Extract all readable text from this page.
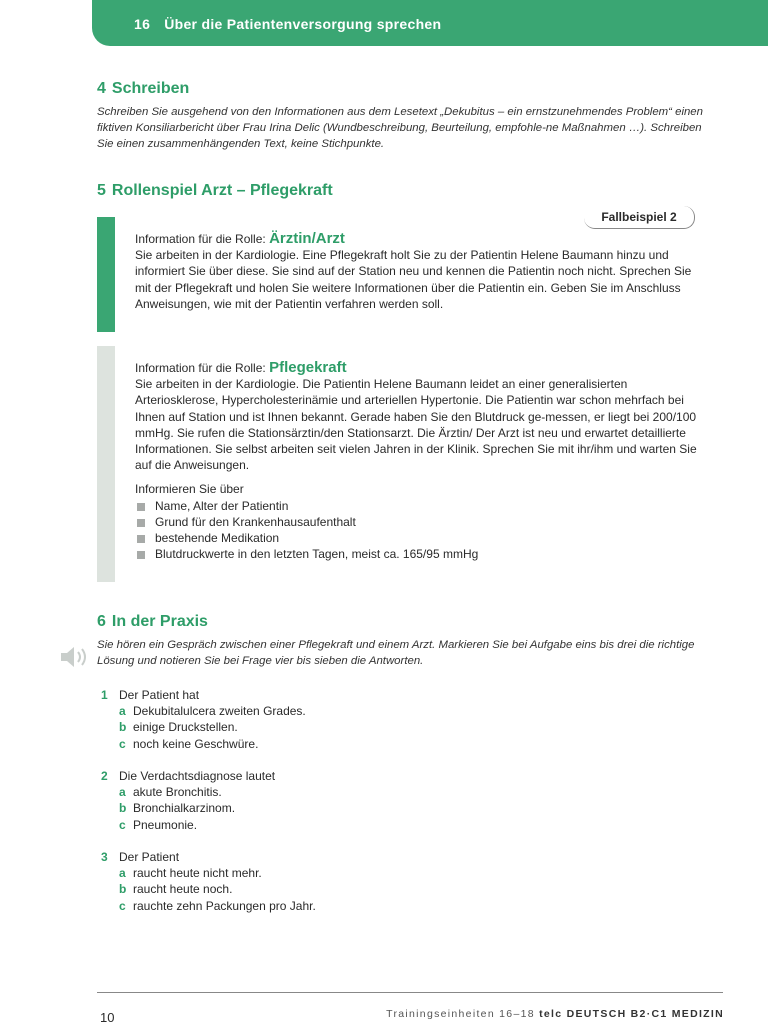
16 Über die Patientenversorgung sprechen
4 Schreiben
Schreiben Sie ausgehend von den Informationen aus dem Lesetext „Dekubitus – ein ernstzunehmendes Problem“ einen fiktiven Konsiliarbericht über Frau Irina Delic (Wundbeschreibung, Beurteilung, empfohle-ne Maßnahmen …). Schreiben Sie einen zusammenhängenden Text, keine Stichpunkte.
5 Rollenspiel Arzt – Pflegekraft
Fallbeispiel 2
Information für die Rolle: Ärztin/Arzt
Sie arbeiten in der Kardiologie. Eine Pflegekraft holt Sie zu der Patientin Helene Baumann hinzu und informiert Sie über diese. Sie sind auf der Station neu und kennen die Patientin noch nicht. Sprechen Sie mit der Pflegekraft und holen Sie weitere Informationen über die Patientin ein. Geben Sie im Anschluss Anweisungen, wie mit der Patientin verfahren werden soll.
Information für die Rolle: Pflegekraft
Sie arbeiten in der Kardiologie. Die Patientin Helene Baumann leidet an einer generalisierten Arteriosklerose, Hypercholesterinämie und arteriellen Hypertonie. Die Patientin war schon mehrfach bei Ihnen auf Station und ist Ihnen bekannt. Gerade haben Sie den Blutdruck ge-messen, er liegt bei 200/100 mmHg. Sie rufen die Stationsärztin/den Stationsarzt. Die Ärztin/ Der Arzt ist neu und erwartet detaillierte Informationen. Sie selbst arbeiten seit vielen Jahren in der Klinik. Sprechen Sie mit ihr/ihm und warten Sie auf die Anweisungen.
Informieren Sie über
Name, Alter der Patientin
Grund für den Krankenhausaufenthalt
bestehende Medikation
Blutdruckwerte in den letzten Tagen, meist ca. 165/95 mmHg
6 In der Praxis
Sie hören ein Gespräch zwischen einer Pflegekraft und einem Arzt. Markieren Sie bei Aufgabe eins bis drei die richtige Lösung und notieren Sie bei Frage vier bis sieben die Antworten.
1 Der Patient hat
a Dekubitalulcera zweiten Grades.
b einige Druckstellen.
c noch keine Geschwüre.
2 Die Verdachtsdiagnose lautet
a akute Bronchitis.
b Bronchialkarzinom.
c Pneumonie.
3 Der Patient
a raucht heute nicht mehr.
b raucht heute noch.
c rauchte zehn Packungen pro Jahr.
10	Trainingseinheiten 16–18 telc DEUTSCH B2·C1 MEDIZIN
